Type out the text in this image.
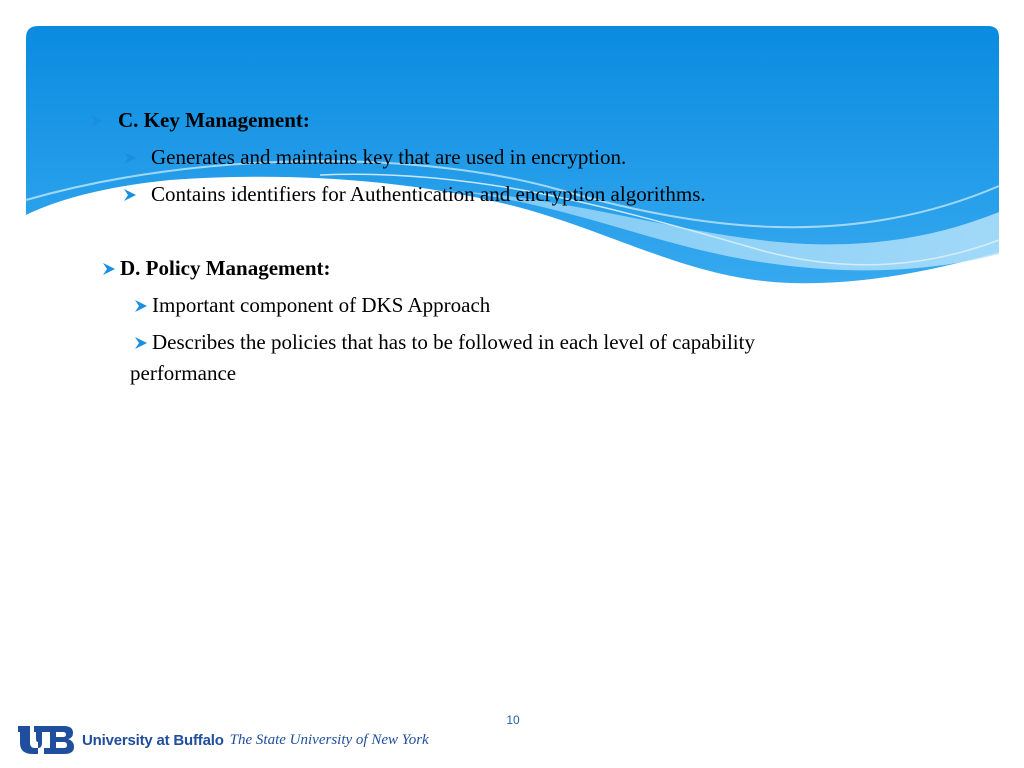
C. Key Management:
Generates and maintains key that are used in encryption.
Contains identifiers for Authentication and encryption algorithms.
D. Policy Management:
Important component of DKS Approach
Describes the policies that has to be followed in each level of capability
performance
10
University at Buffalo The State University of New York
